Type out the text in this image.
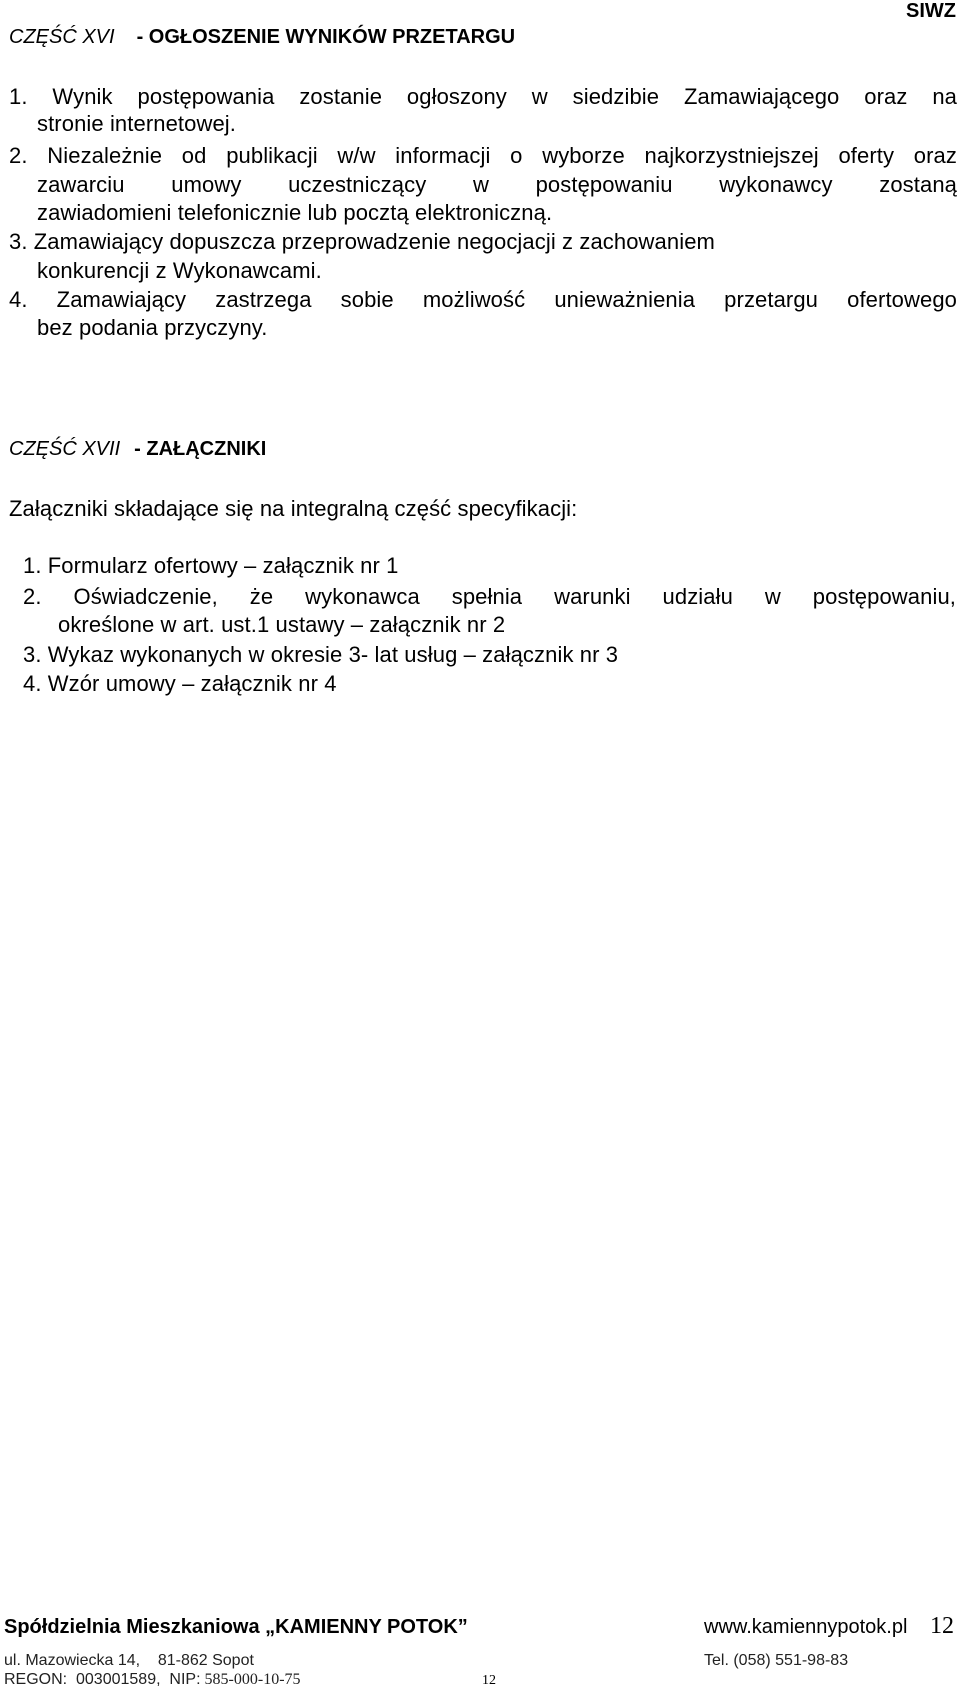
SIWZ
CZĘŚĆ XVI - OGŁOSZENIE WYNIKÓW PRZETARGU
1. Wynik postępowania zostanie ogłoszony w siedzibie Zamawiającego oraz na
stronie internetowej.
2. Niezależnie od publikacji w/w informacji o wyborze najkorzystniejszej oferty oraz
zawarciu umowy uczestniczący w postępowaniu wykonawcy zostaną
zawiadomieni telefonicznie lub pocztą elektroniczną.
3. Zamawiający dopuszcza przeprowadzenie negocjacji z zachowaniem
konkurencji z Wykonawcami.
4. Zamawiający zastrzega sobie możliwość unieważnienia przetargu ofertowego
bez podania przyczyny.
CZĘŚĆ XVII - ZAŁĄCZNIKI
Załączniki składające się na integralną część specyfikacji:
1. Formularz ofertowy – załącznik nr 1
2. Oświadczenie, że wykonawca spełnia warunki udziału w postępowaniu,
określone w art. ust.1 ustawy – załącznik nr 2
3. Wykaz wykonanych w okresie 3- lat usług – załącznik nr 3
4. Wzór umowy – załącznik nr 4
Spółdzielnia Mieszkaniowa „KAMIENNY POTOK”	www.kamiennypotok.pl 12
ul. Mazowiecka 14,    81-862 Sopot	Tel. (058) 551-98-83
REGON:  003001589,  NIP: 585-000-10-75	12
